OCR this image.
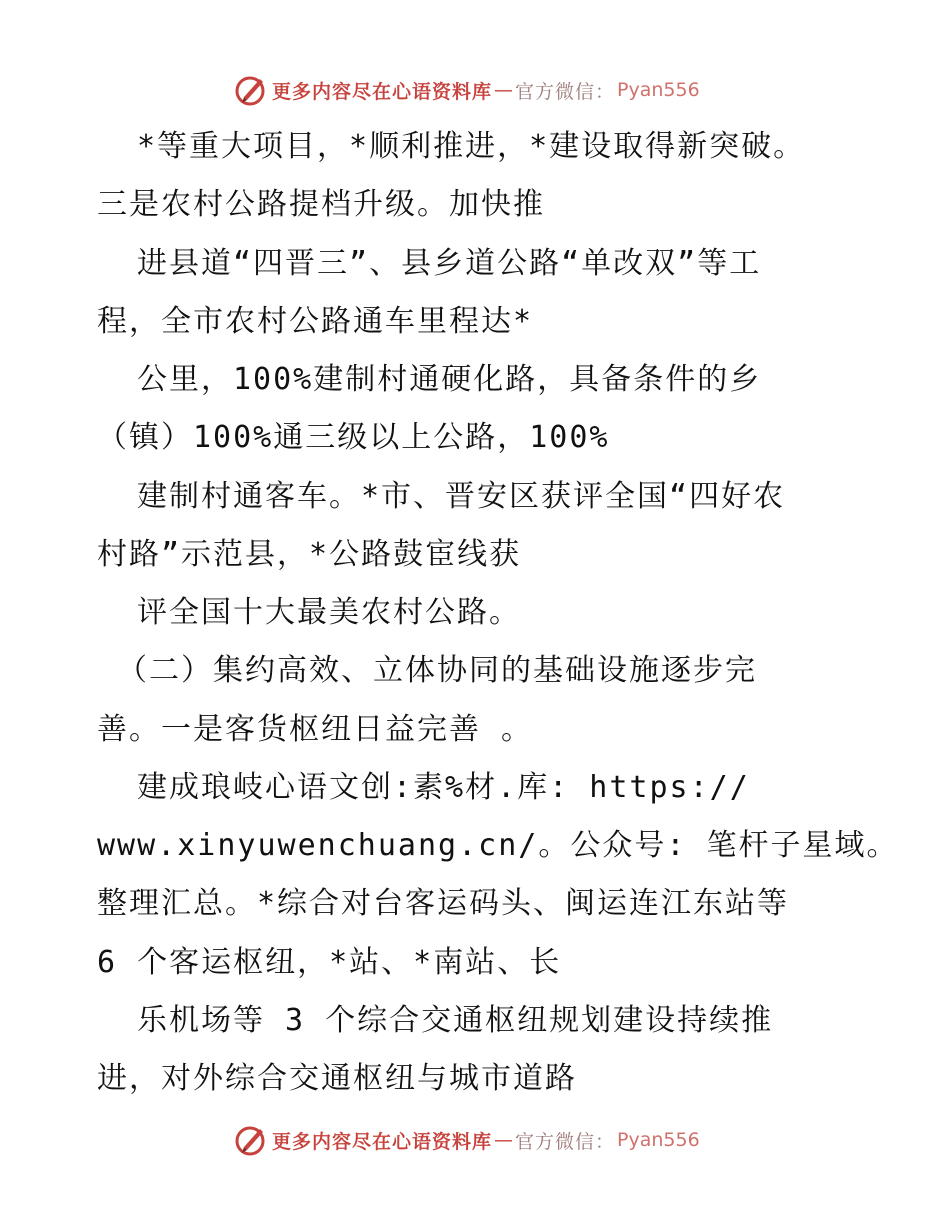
更多内容尽在心语资料库 — 官方微信： Pyan556
*等重大项目，*顺利推进，*建设取得新突破。
三是农村公路提档升级。加快推
进县道“四晋三”、县乡道公路“单改双”等工
程，全市农村公路通车里程达*
公里，100%建制村通硬化路，具备条件的乡
（镇）100%通三级以上公路，100%
建制村通客车。*市、晋安区获评全国“四好农
村路”示范县，*公路鼓宦线获
评全国十大最美农村公路。
（二）集约高效、立体协同的基础设施逐步完
善。一是客货枢纽日益完善 。
建成琅岐心语文创:素%材.库: https://
www.xinyuwenchuang.cn/。公众号: 笔杆子星域。
整理汇总。*综合对台客运码头、闽运连江东站等
6 个客运枢纽，*站、*南站、长
乐机场等 3 个综合交通枢纽规划建设持续推
进，对外综合交通枢纽与城市道路
更多内容尽在心语资料库 — 官方微信： Pyan556
